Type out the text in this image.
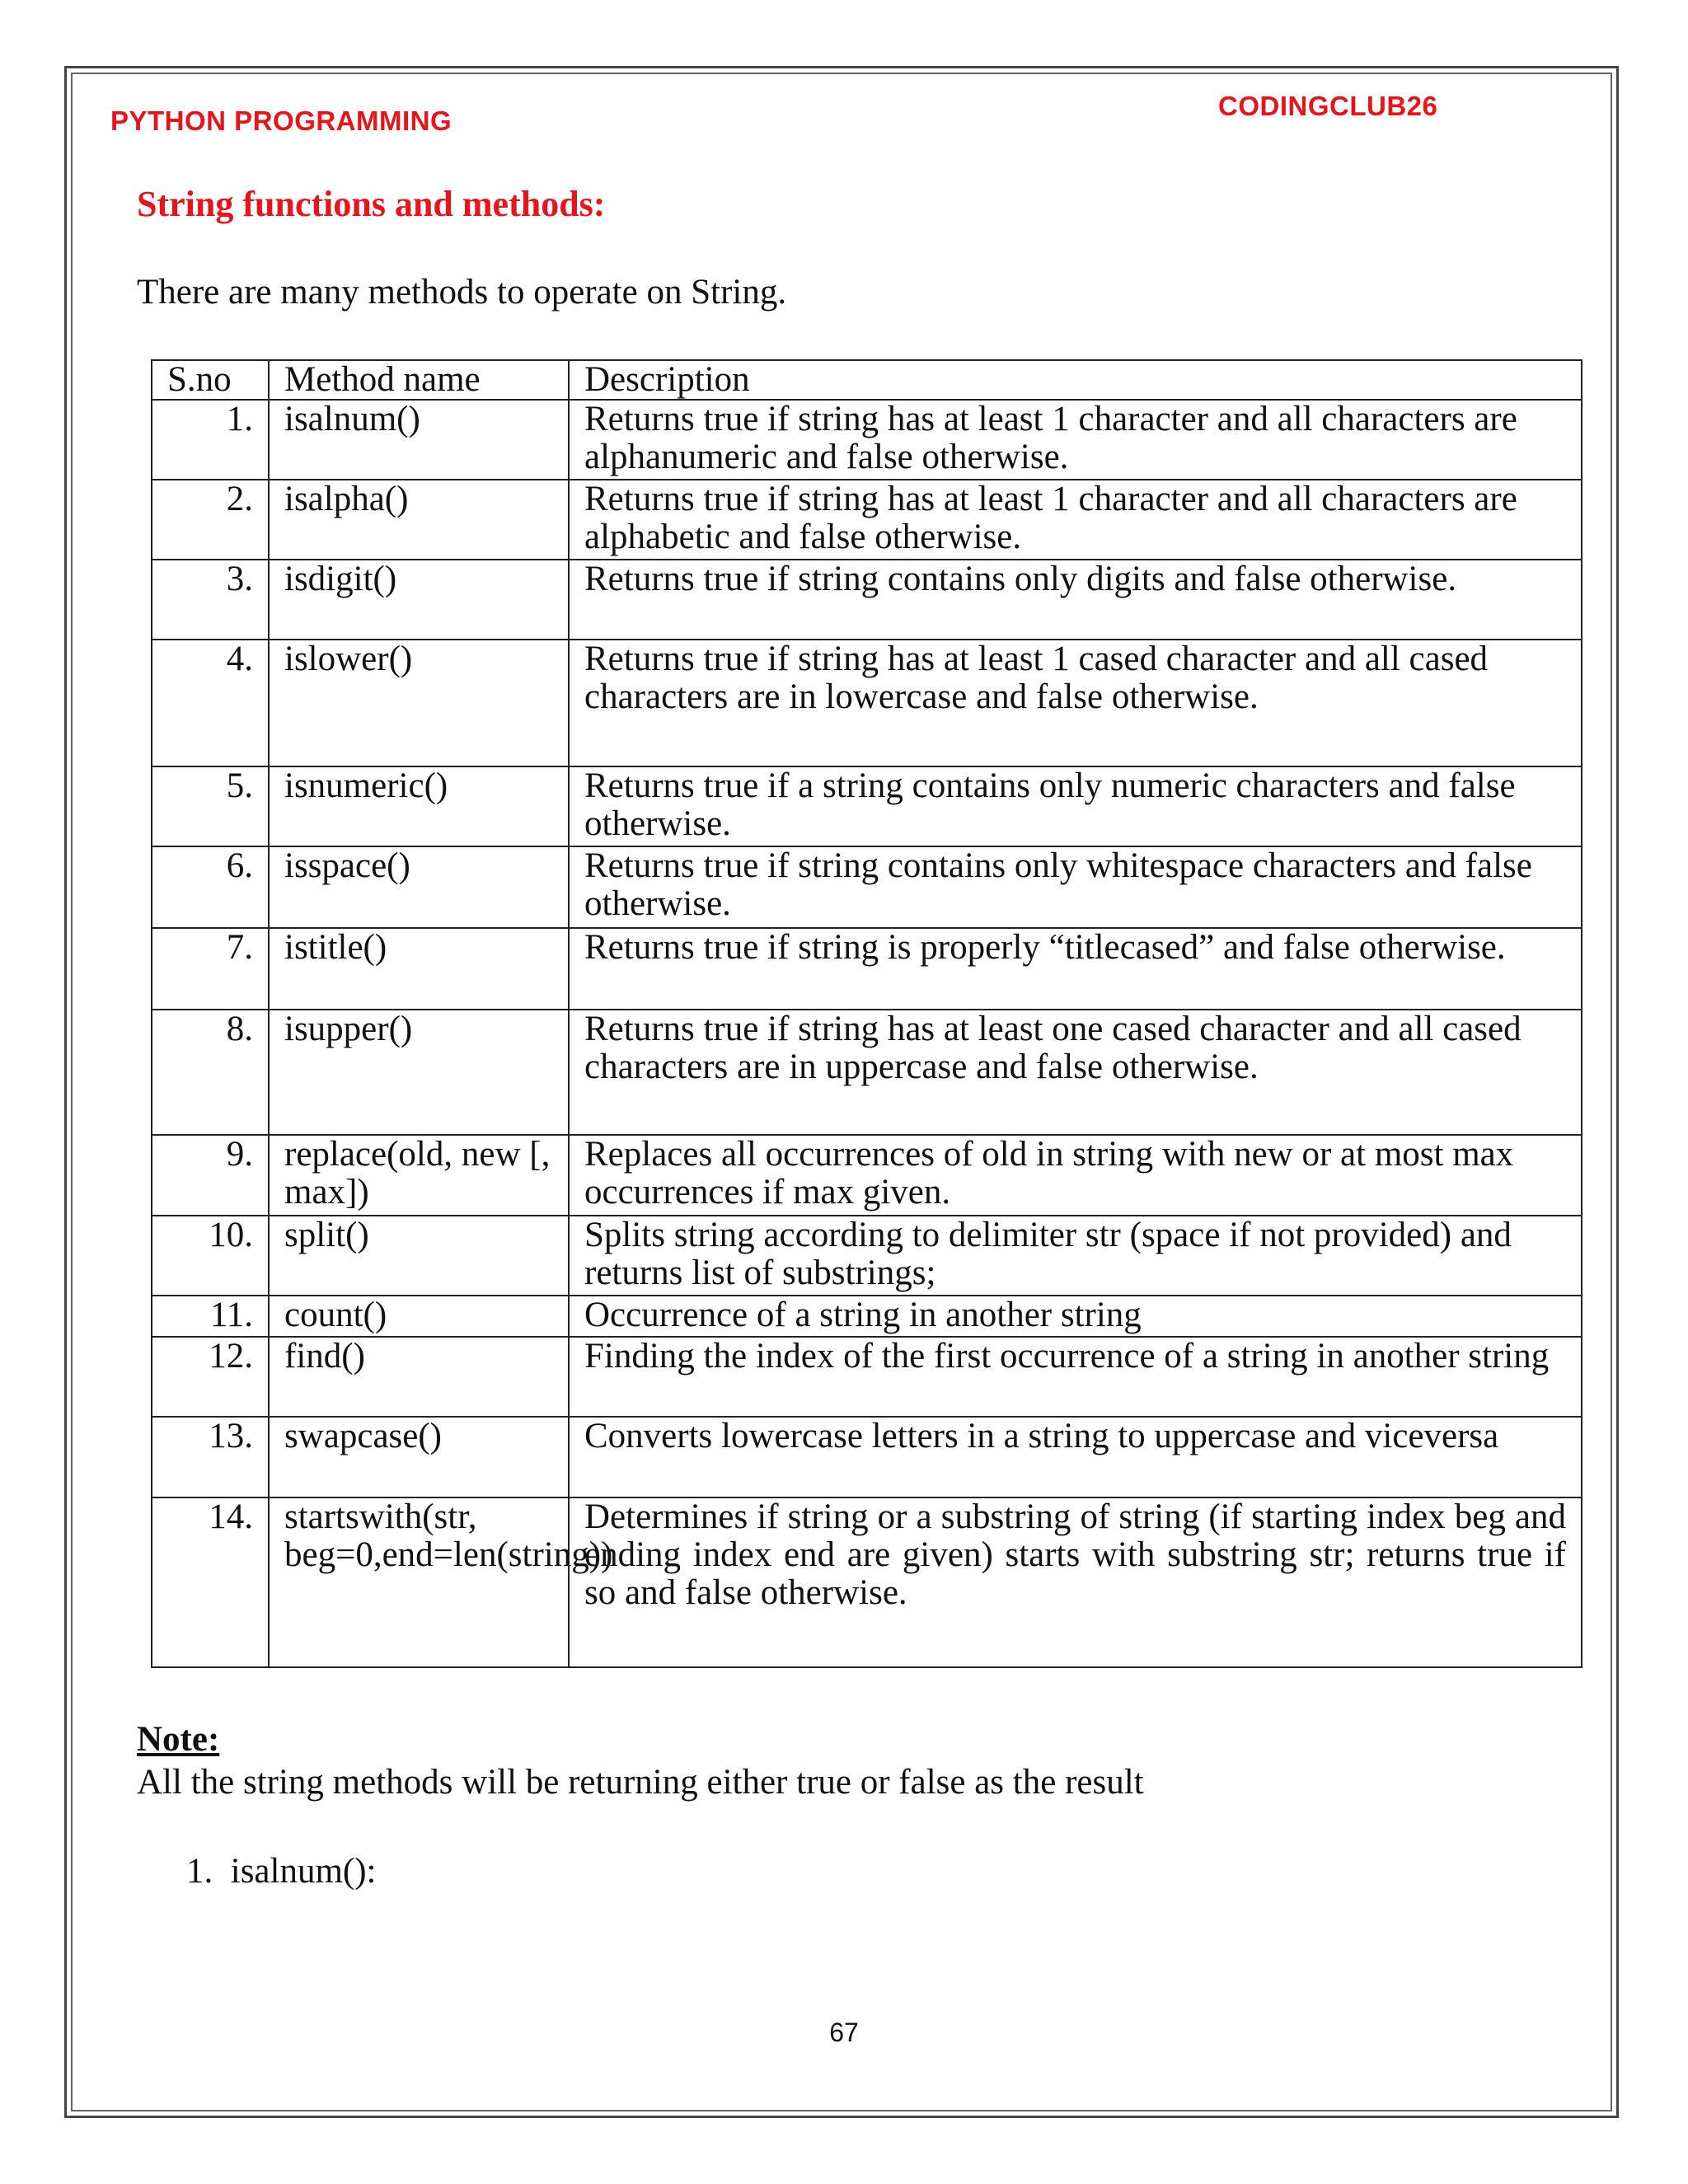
PYTHON PROGRAMMING	CODINGCLUB26
String functions and methods:
There are many methods to operate on String.
S.no	Method name	Description
1.	isalnum()	Returns true if string has at least 1 character and all characters are alphanumeric and false otherwise.
2.	isalpha()	Returns true if string has at least 1 character and all characters are alphabetic and false otherwise.
3.	isdigit()	Returns true if string contains only digits and false otherwise.
4.	islower()	Returns true if string has at least 1 cased character and all cased characters are in lowercase and false otherwise.
5.	isnumeric()	Returns true if a string contains only numeric characters and false otherwise.
6.	isspace()	Returns true if string contains only whitespace characters and false otherwise.
7.	istitle()	Returns true if string is properly “titlecased” and false otherwise.
8.	isupper()	Returns true if string has at least one cased character and all cased characters are in uppercase and false otherwise.
9.	replace(old, new [, max])	Replaces all occurrences of old in string with new or at most max occurrences if max given.
10.	split()	Splits string according to delimiter str (space if not provided) and returns list of substrings;
11.	count()	Occurrence of a string in another string
12.	find()	Finding the index of the first occurrence of a string in another string
13.	swapcase()	Converts lowercase letters in a string to uppercase and viceversa
14.	startswith(str, beg=0,end=len(string))	Determines if string or a substring of string (if starting index beg and ending index end are given) starts with substring str; returns true if so and false otherwise.
Note:
All the string methods will be returning either true or false as the result
1.  isalnum():
67
